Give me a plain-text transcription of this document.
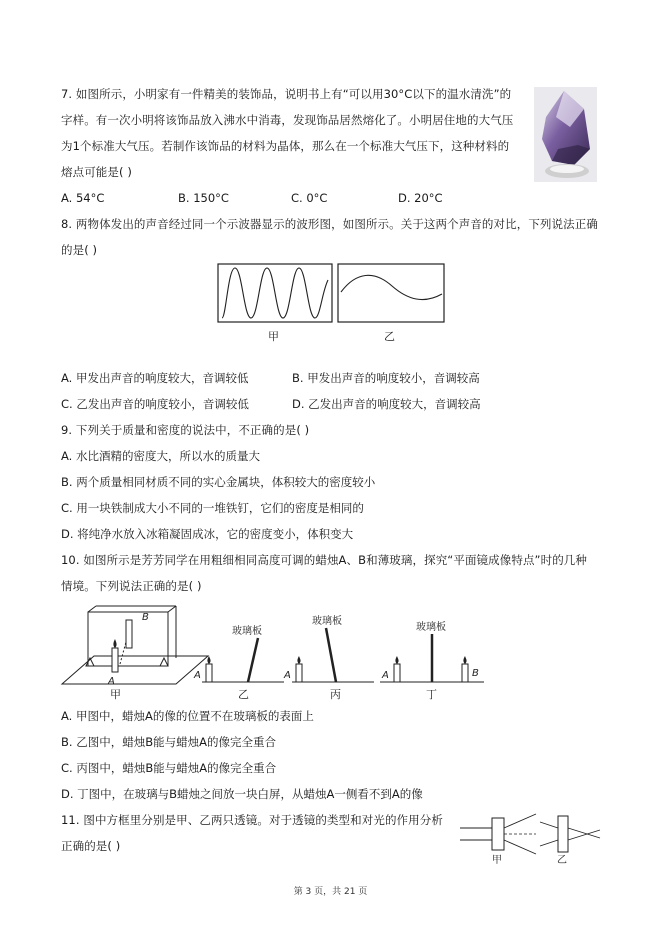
7. 如图所示，小明家有一件精美的装饰品，说明书上有“可以用30°C以下的温水清洗”的
字样。有一次小明将该饰品放入沸水中消毒，发现饰品居然熔化了。小明居住地的大气压
为1个标准大气压。若制作该饰品的材料为晶体，那么在一个标准大气压下，这种材料的
熔点可能是( )
A. 54°C	B. 150°C	C. 0°C	D. 20°C
8. 两物体发出的声音经过同一个示波器显示的波形图，如图所示。关于这两个声音的对比，下列说法正确
的是( )
甲	乙
A. 甲发出声音的响度较大，音调较低	B. 甲发出声音的响度较小，音调较高
C. 乙发出声音的响度较小，音调较低	D. 乙发出声音的响度较大，音调较高
9. 下列关于质量和密度的说法中，不正确的是( )
A. 水比酒精的密度大，所以水的质量大
B. 两个质量相同材质不同的实心金属块，体积较大的密度较小
C. 用一块铁制成大小不同的一堆铁钉，它们的密度是相同的
D. 将纯净水放入冰箱凝固成冰，它的密度变小，体积变大
10. 如图所示是芳芳同学在用粗细相同高度可调的蜡烛A、B和薄玻璃，探究“平面镜成像特点”时的几种
情境。下列说法正确的是( )
B
A
甲
A
玻璃板
乙
A
玻璃板
丙
A
玻璃板
B
丁
A. 甲图中，蜡烛A的像的位置不在玻璃板的表面上
B. 乙图中，蜡烛B能与蜡烛A的像完全重合
C. 丙图中，蜡烛B能与蜡烛A的像完全重合
D. 丁图中，在玻璃与B蜡烛之间放一块白屏，从蜡烛A一侧看不到A的像
11. 图中方框里分别是甲、乙两只透镜。对于透镜的类型和对光的作用分析
正确的是( )
甲	乙
第 3 页，共 21 页
